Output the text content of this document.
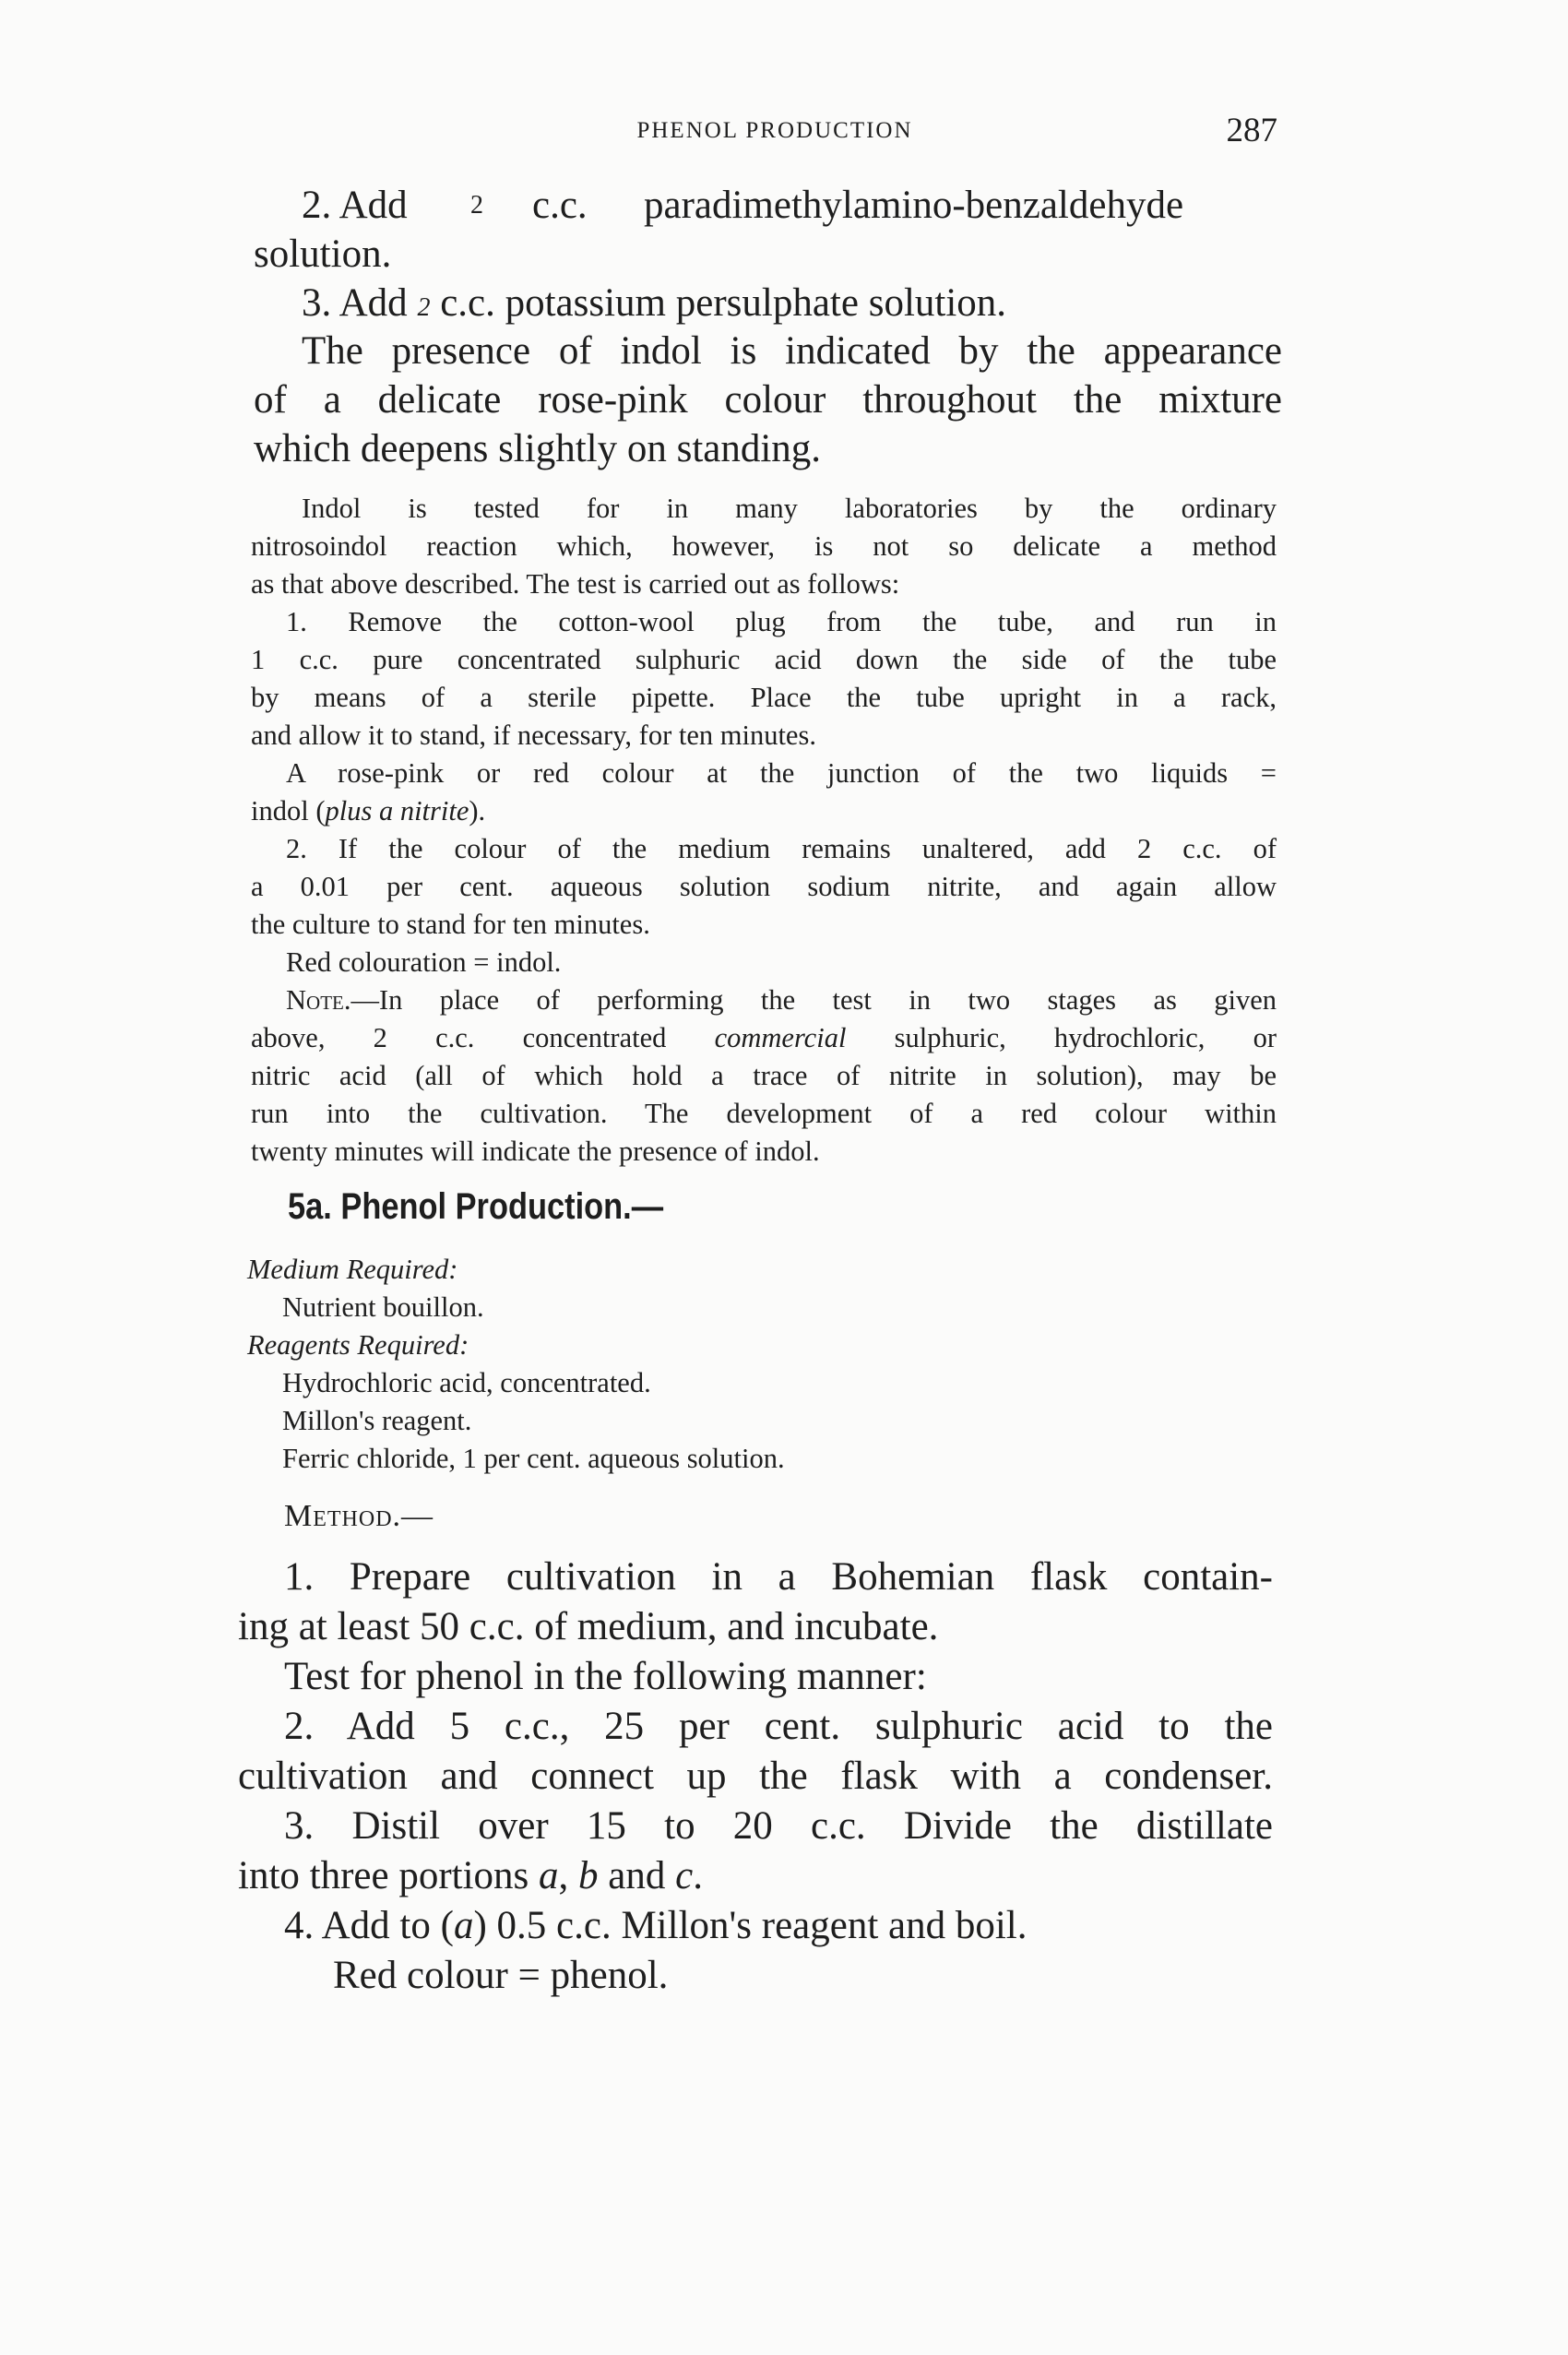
PHENOL PRODUCTION	287
2. Add 2 c.c. paradimethylamino-benzaldehyde
solution.
3. Add 2 c.c. potassium persulphate solution.
The presence of indol is indicated by the appearance
of a delicate rose-pink colour throughout the mixture
which deepens slightly on standing.
Indol is tested for in many laboratories by the ordinary
nitrosoindol reaction which, however, is not so delicate a method
as that above described. The test is carried out as follows:
1. Remove the cotton-wool plug from the tube, and run in
1 c.c. pure concentrated sulphuric acid down the side of the tube
by means of a sterile pipette. Place the tube upright in a rack,
and allow it to stand, if necessary, for ten minutes.
A rose-pink or red colour at the junction of the two liquids =
indol (plus a nitrite).
2. If the colour of the medium remains unaltered, add 2 c.c. of
a 0.01 per cent. aqueous solution sodium nitrite, and again allow
the culture to stand for ten minutes.
Red colouration = indol.
Note.—In place of performing the test in two stages as given
above, 2 c.c. concentrated commercial sulphuric, hydrochloric, or
nitric acid (all of which hold a trace of nitrite in solution), may be
run into the cultivation. The development of a red colour within
twenty minutes will indicate the presence of indol.
5a. Phenol Production.—
Medium Required:
Nutrient bouillon.
Reagents Required:
Hydrochloric acid, concentrated.
Millon's reagent.
Ferric chloride, 1 per cent. aqueous solution.
Method.—
1. Prepare cultivation in a Bohemian flask contain-
ing at least 50 c.c. of medium, and incubate.
Test for phenol in the following manner:
2. Add 5 c.c., 25 per cent. sulphuric acid to the
cultivation and connect up the flask with a condenser.
3. Distil over 15 to 20 c.c. Divide the distillate
into three portions a, b and c.
4. Add to (a) 0.5 c.c. Millon's reagent and boil.
Red colour = phenol.
